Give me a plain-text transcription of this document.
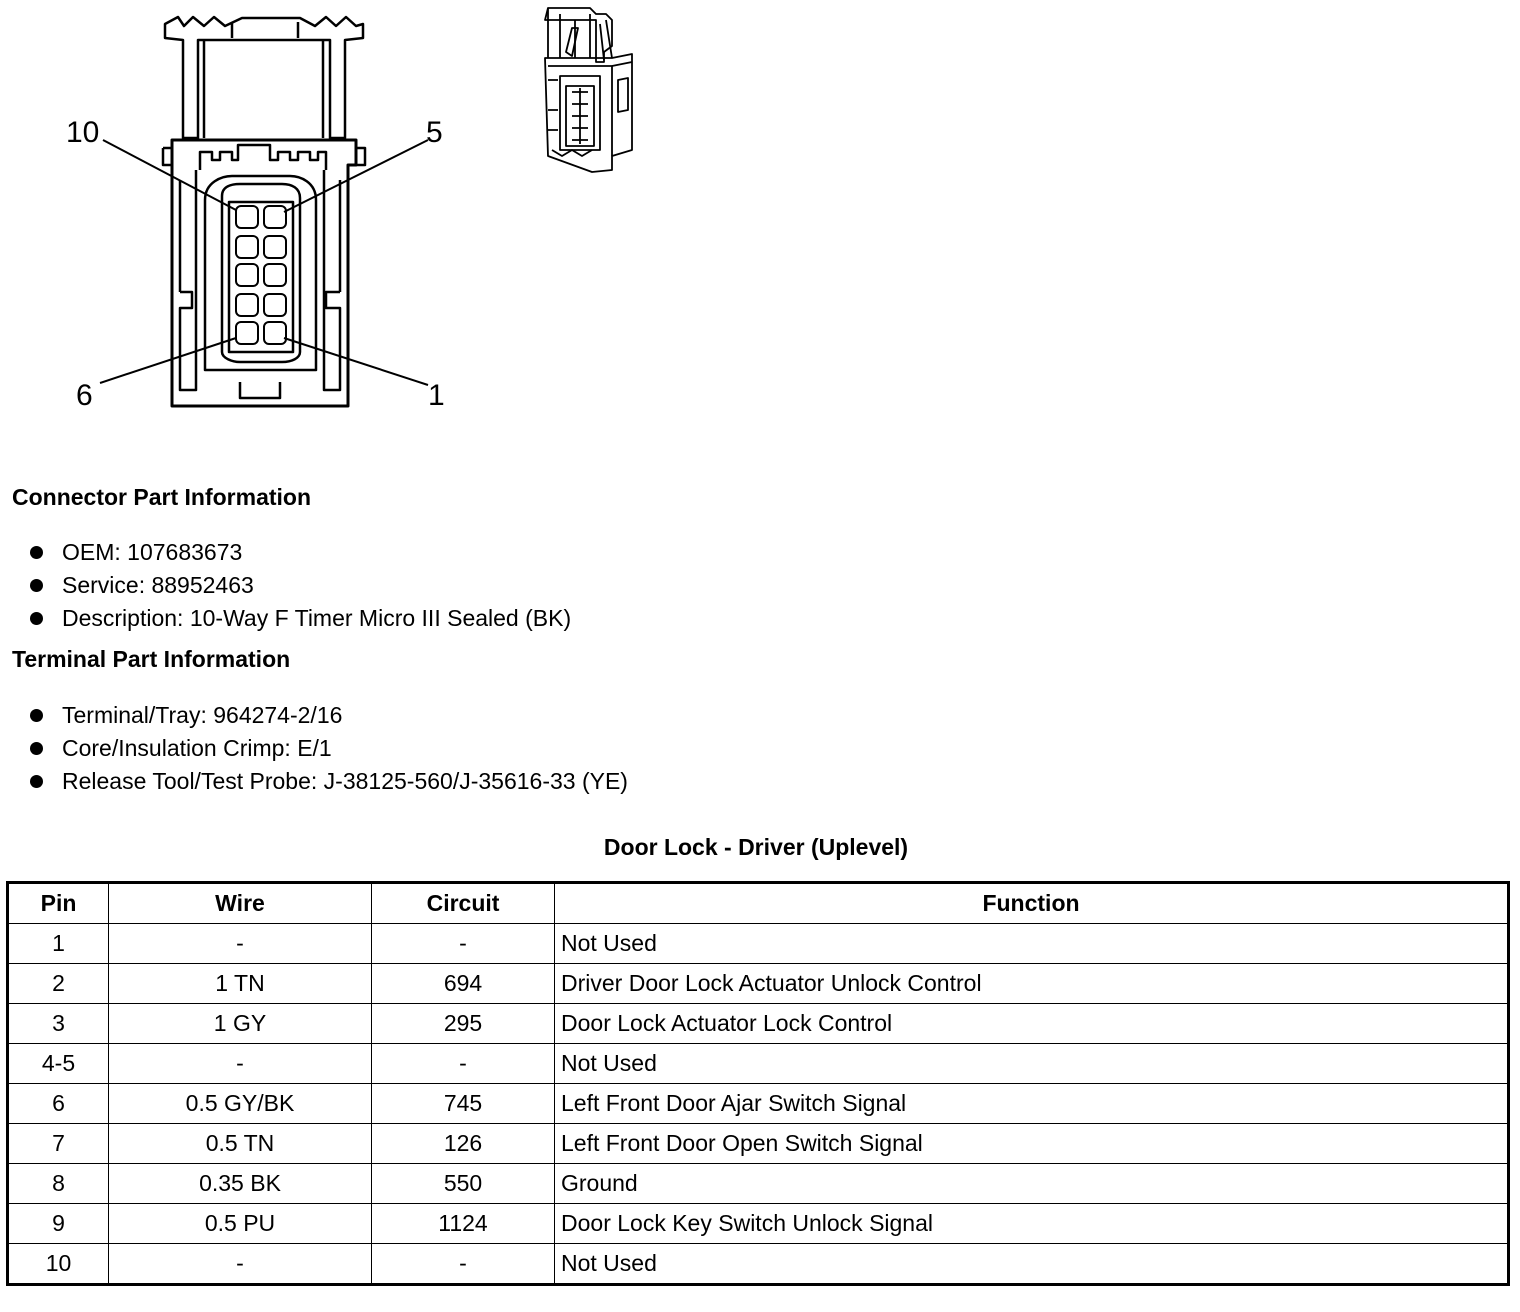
10	5
6	1
Connector Part Information
OEM: 107683673
Service: 88952463
Description: 10-Way F Timer Micro III Sealed (BK)
Terminal Part Information
Terminal/Tray: 964274-2/16
Core/Insulation Crimp: E/1
Release Tool/Test Probe: J-38125-560/J-35616-33 (YE)
Door Lock - Driver (Uplevel)
Pin	Wire	Circuit	Function
1	-	-	Not Used
2	1 TN	694	Driver Door Lock Actuator Unlock Control
3	1 GY	295	Door Lock Actuator Lock Control
4-5	-	-	Not Used
6	0.5 GY/BK	745	Left Front Door Ajar Switch Signal
7	0.5 TN	126	Left Front Door Open Switch Signal
8	0.35 BK	550	Ground
9	0.5 PU	1124	Door Lock Key Switch Unlock Signal
10	-	-	Not Used
